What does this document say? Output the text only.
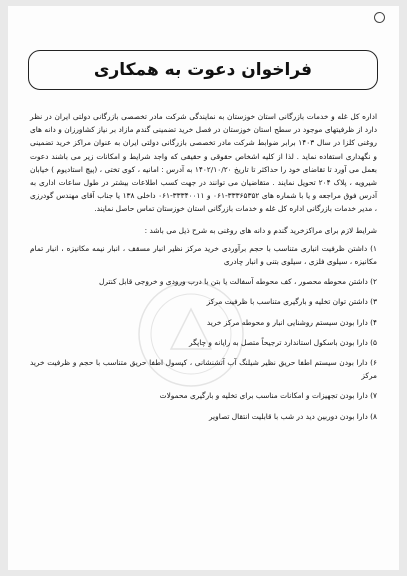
فراخوان دعوت به همکاری

اداره کل غله و خدمات بازرگانی استان خوزستان به نمایندگی شرکت مادر تخصصی بازرگانی دولتی ایران در نظر دارد از ظرفیتهای موجود در سطح استان خوزستان در فصل خرید تضمینی گندم مازاد بر نیاز کشاورزان و دانه های روغنی کلزا در سال ۱۴۰۳ برابر ضوابط شرکت مادر تخصصی بازرگانی دولتی ایران به عنوان مراکز خرید تضمینی و نگهداری استفاده نماید . لذا از کلیه اشخاص حقوقی و حقیقی که واجد شرایط و امکانات زیر می باشند دعوت بعمل می آورد تا تقاضای خود را حداکثر تا تاریخ ۱۴۰۲/۱۰/۲۰ به آدرس : امانیه ، کوی تختی ، (پیچ استادیوم ) خیابان شیرویه ، پلاک ۲۰۴ تحویل نمایند . متقاضیان می توانند در جهت کسب اطلاعات بیشتر در طول ساعات اداری به آدرس فوق مراجعه و یا با شماره های ۳۳۳۶۵۳۵۲-۰۶۱ و ۳۳۳۴۰۰۱۱-۰۶۱ داخلی ۱۳۸ یا جناب آقای مهندس گودرزی ، مدیر خدمات بازرگانی اداره کل غله و خدمات بازرگانی استان خوزستان تماس حاصل نمایند.

شرایط لازم برای مراکزخرید گندم و دانه های روغنی به شرح ذیل می باشد :

۱) داشتن ظرفیت انباری متناسب با حجم برآوردی خرید مرکز نظیر انبار مسقف ، انبار نیمه مکانیزه ، انبار تمام مکانیزه ، سیلوی فلزی ، سیلوی بتنی و انبار چادری
۲) داشتن محوطه محصور ، کف محوطه آسفالت یا بتن با درب ورودی و خروجی قابل کنترل
۳) داشتن توان تخلیه و بارگیری متناسب با ظرفیت مرکز
۴) دارا بودن سیستم روشنایی انبار و محوطه مرکز خرید
۵) دارا بودن باسکول استاندارد ترجیحاً متصل به رایانه و چاپگر
۶) دارا بودن سیستم اطفا حریق نظیر شیلنگ آب آتشنشانی ، کپسول اطفا حریق متناسب با حجم و ظرفیت خرید مرکز
۷) دارا بودن تجهیزات و امکانات مناسب برای تخلیه و بارگیری محمولات
۸) دارا بودن دوربین دید در شب با قابلیت انتقال تصاویر
